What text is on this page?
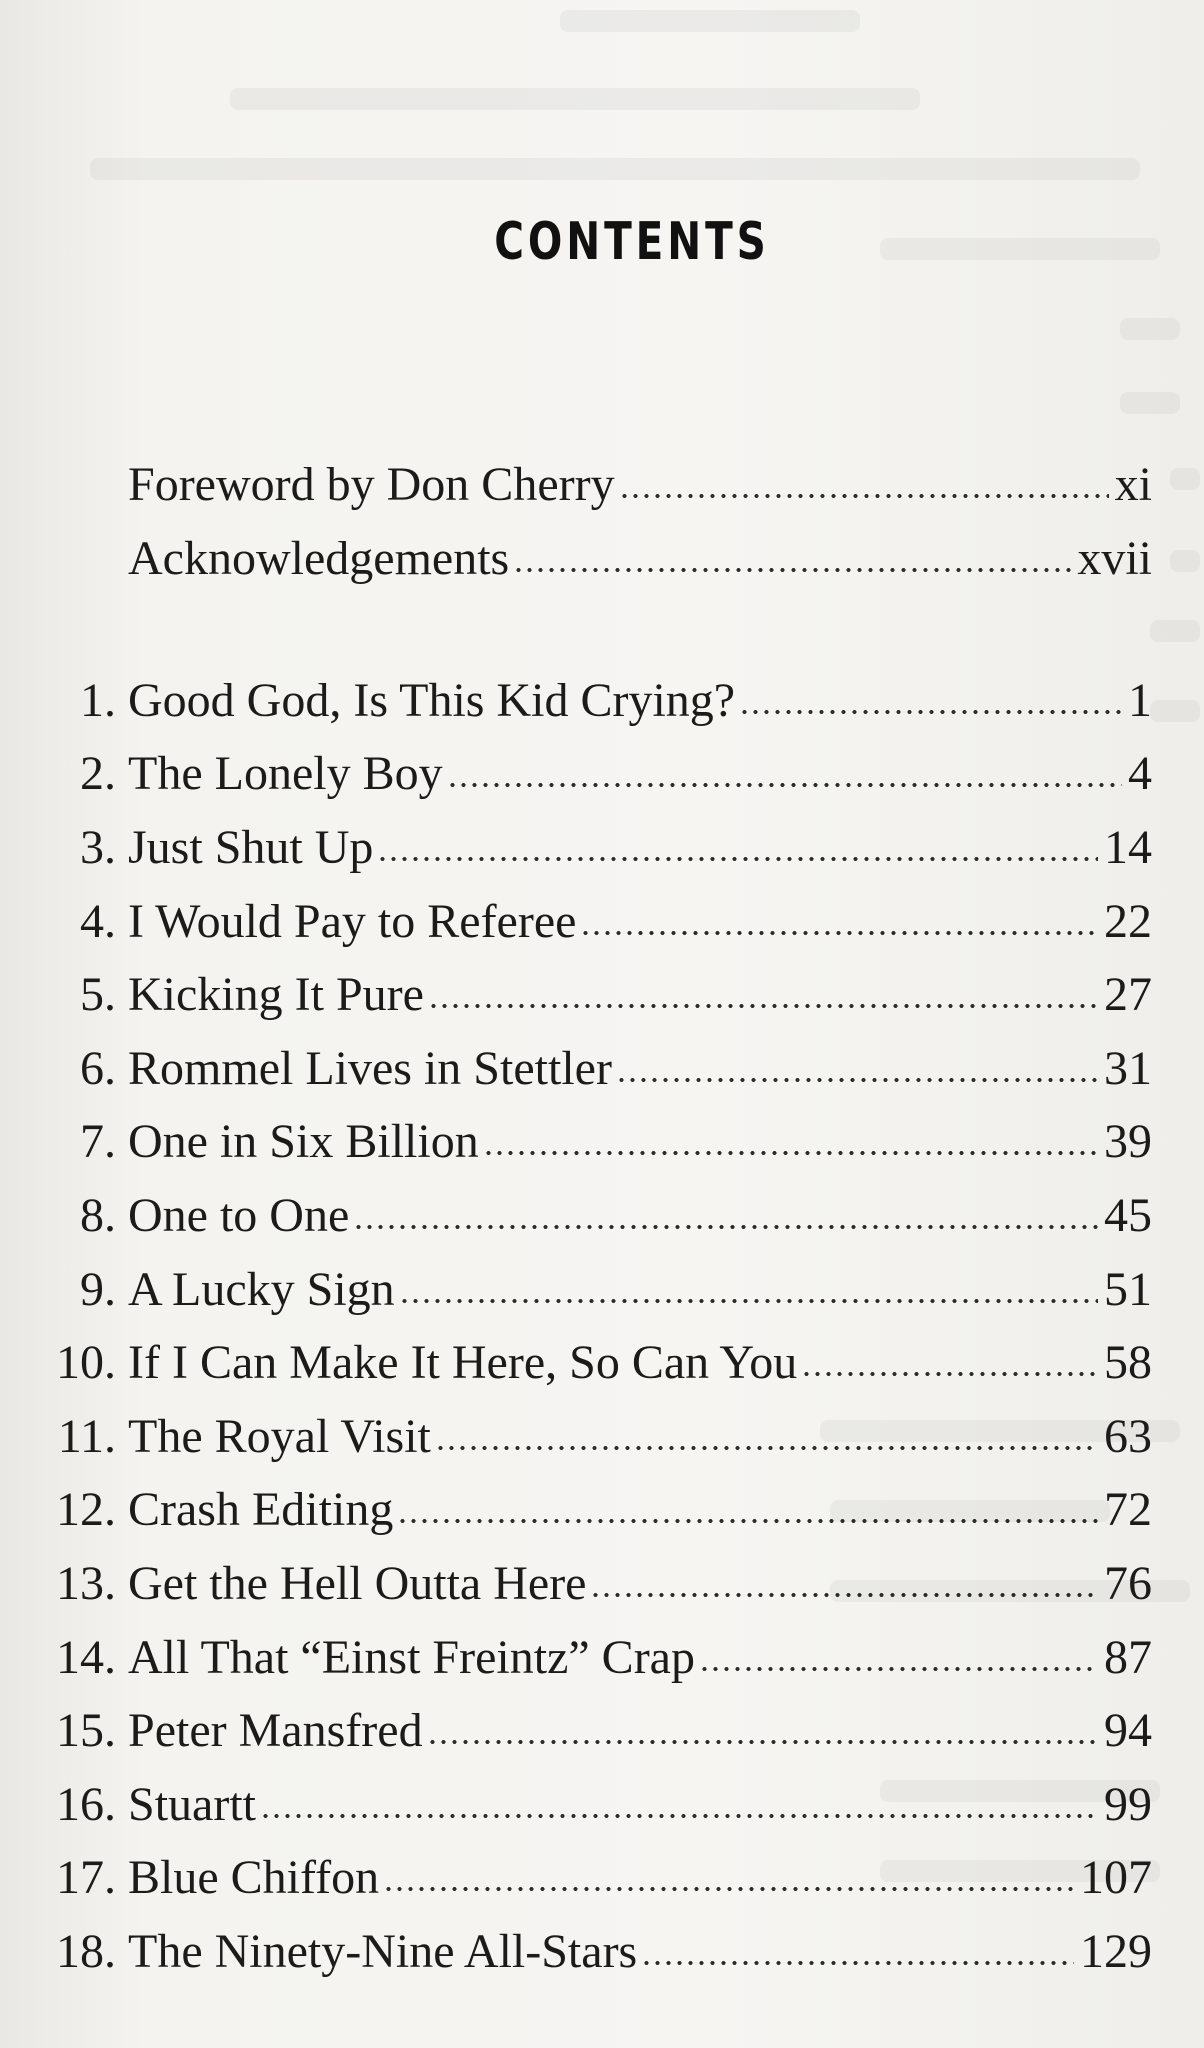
CONTENTS
Foreword by Don Cherry	xi
Acknowledgements	xvii
1. Good God, Is This Kid Crying?	1
2. The Lonely Boy	4
3. Just Shut Up	14
4. I Would Pay to Referee	22
5. Kicking It Pure	27
6. Rommel Lives in Stettler	31
7. One in Six Billion	39
8. One to One	45
9. A Lucky Sign	51
10. If I Can Make It Here, So Can You	58
11. The Royal Visit	63
12. Crash Editing	72
13. Get the Hell Outta Here	76
14. All That “Einst Freintz” Crap	87
15. Peter Mansfred	94
16. Stuartt	99
17. Blue Chiffon	107
18. The Ninety-Nine All-Stars	129
